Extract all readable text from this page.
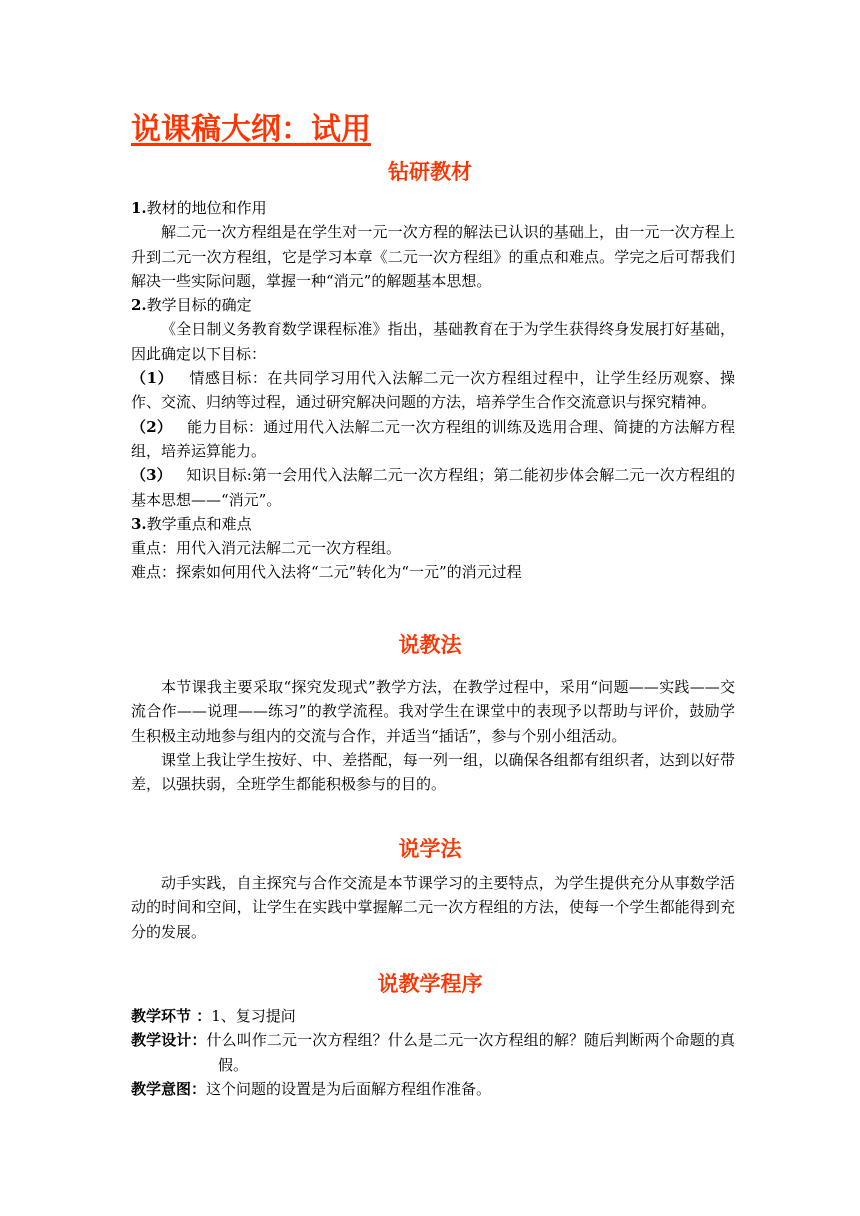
说课稿大纲：试用
钻研教材

1.教材的地位和作用

解二元一次方程组是在学生对一元一次方程的解法已认识的基础上，由一元一次方程上升到二元一次方程组，它是学习本章《二元一次方程组》的重点和难点。学完之后可帮我们解决一些实际问题，掌握一种“消元”的解题基本思想。

2.教学目标的确定

《全日制义务教育数学课程标准》指出，基础教育在于为学生获得终身发展打好基础，因此确定以下目标：

（1） 情感目标：在共同学习用代入法解二元一次方程组过程中，让学生经历观察、操作、交流、归纳等过程，通过研究解决问题的方法，培养学生合作交流意识与探究精神。

（2） 能力目标：通过用代入法解二元一次方程组的训练及选用合理、简捷的方法解方程组，培养运算能力。

（3） 知识目标:第一会用代入法解二元一次方程组；第二能初步体会解二元一次方程组的基本思想——“消元”。

3.教学重点和难点

重点：用代入消元法解二元一次方程组。

难点：探索如何用代入法将“二元”转化为“一元”的消元过程

说教法

本节课我主要采取“探究发现式”教学方法，在教学过程中，采用“问题——实践——交流合作——说理——练习”的教学流程。我对学生在课堂中的表现予以帮助与评价，鼓励学生积极主动地参与组内的交流与合作，并适当“插话”，参与个别小组活动。

课堂上我让学生按好、中、差搭配，每一列一组，以确保各组都有组织者，达到以好带差，以强扶弱，全班学生都能积极参与的目的。

说学法

动手实践，自主探究与合作交流是本节课学习的主要特点，为学生提供充分从事数学活动的时间和空间，让学生在实践中掌握解二元一次方程组的方法，使每一个学生都能得到充分的发展。

说教学程序

教学环节 ：1、复习提问

教学设计：什么叫作二元一次方程组？什么是二元一次方程组的解？随后判断两个命题的真假。

教学意图：这个问题的设置是为后面解方程组作准备。
